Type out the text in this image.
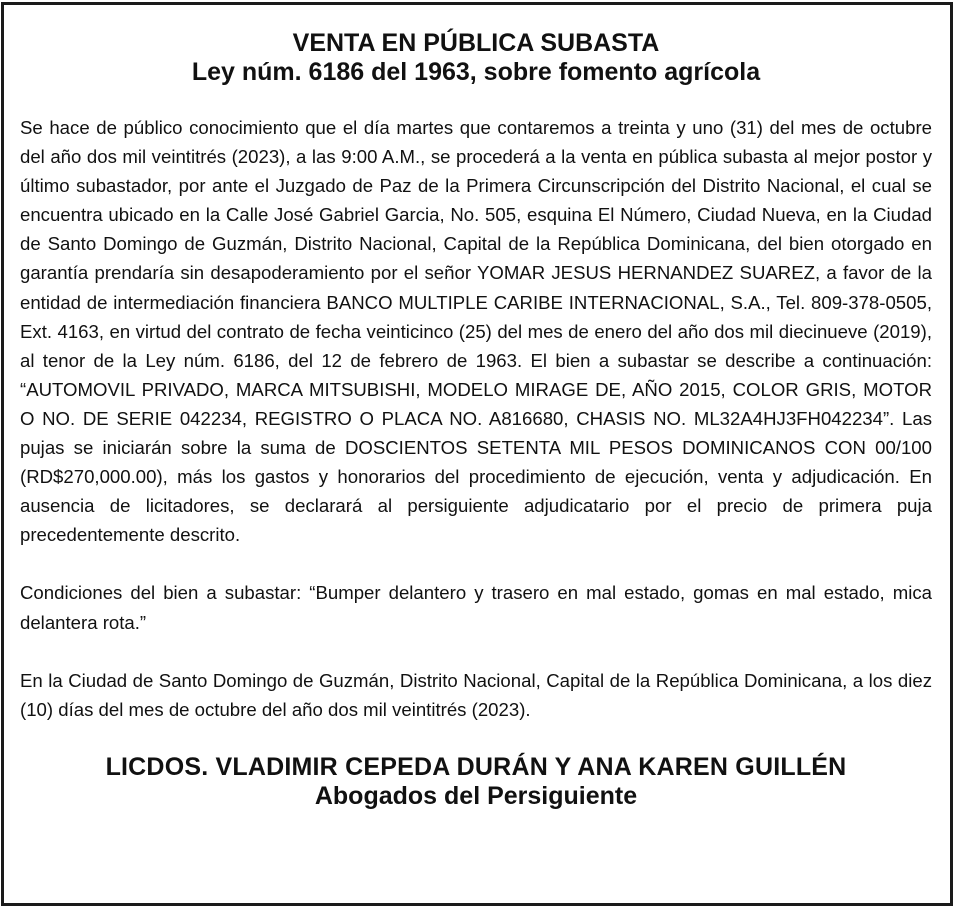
VENTA EN PÚBLICA SUBASTA
Ley núm. 6186 del 1963, sobre fomento agrícola

Se hace de público conocimiento que el día martes que contaremos a treinta y uno (31) del mes de octubre del año dos mil veintitrés (2023), a las 9:00 A.M., se procederá a la venta en pública subasta al mejor postor y último subastador, por ante el Juzgado de Paz de la Primera Circunscripción del Distrito Nacional, el cual se encuentra ubicado en la Calle José Gabriel Garcia, No. 505, esquina El Número, Ciudad Nueva, en la Ciudad de Santo Domingo de Guzmán, Distrito Nacional, Capital de la República Dominicana, del bien otorgado en garantía prendaría sin desapoderamiento por el señor YOMAR JESUS HERNANDEZ SUAREZ, a favor de la entidad de intermediación financiera BANCO MULTIPLE CARIBE INTERNACIONAL, S.A., Tel. 809-378-0505, Ext. 4163, en virtud del contrato de fecha veinticinco (25) del mes de enero del año dos mil diecinueve (2019), al tenor de la Ley núm. 6186, del 12 de febrero de 1963. El bien a subastar se describe a continuación: “AUTOMOVIL PRIVADO, MARCA MITSUBISHI, MODELO MIRAGE DE, AÑO 2015, COLOR GRIS, MOTOR O NO. DE SERIE 042234, REGISTRO O PLACA NO. A816680, CHASIS NO. ML32A4HJ3FH042234”. Las pujas se iniciarán sobre la suma de DOSCIENTOS SETENTA MIL PESOS DOMINICANOS CON 00/100 (RD$270,000.00), más los gastos y honorarios del procedimiento de ejecución, venta y adjudicación. En ausencia de licitadores, se declarará al persiguiente adjudicatario por el precio de primera puja precedentemente descrito.

Condiciones del bien a subastar: “Bumper delantero y trasero en mal estado, gomas en mal estado, mica delantera rota.”

En la Ciudad de Santo Domingo de Guzmán, Distrito Nacional, Capital de la República Dominicana, a los diez (10) días del mes de octubre del año dos mil veintitrés (2023).

LICDOS. VLADIMIR CEPEDA DURÁN Y ANA KAREN GUILLÉN
Abogados del Persiguiente
